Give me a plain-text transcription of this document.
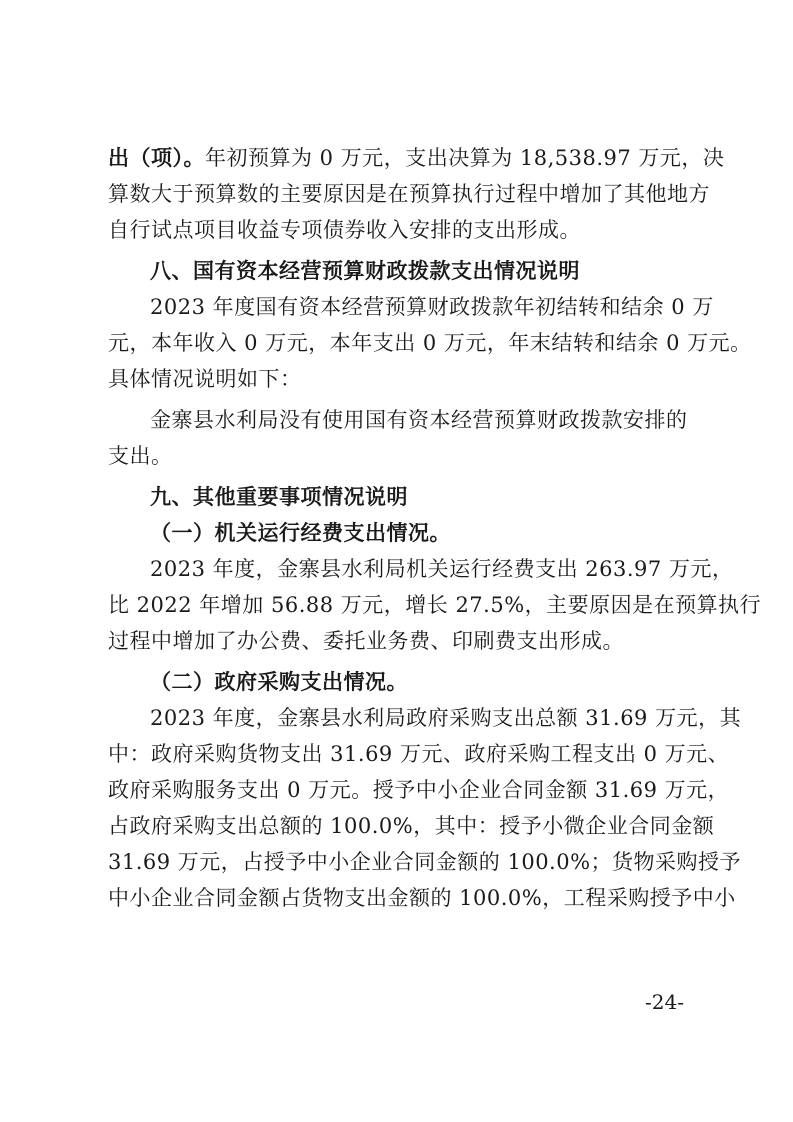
出（项）。年初预算为 0 万元，支出决算为 18,538.97 万元，决
算数大于预算数的主要原因是在预算执行过程中增加了其他地方
自行试点项目收益专项债券收入安排的支出形成。
八、国有资本经营预算财政拨款支出情况说明
2023 年度国有资本经营预算财政拨款年初结转和结余 0 万
元，本年收入 0 万元，本年支出 0 万元，年末结转和结余 0 万元。
具体情况说明如下：
金寨县水利局没有使用国有资本经营预算财政拨款安排的
支出。
九、其他重要事项情况说明
（一）机关运行经费支出情况。
2023 年度，金寨县水利局机关运行经费支出 263.97 万元，
比 2022 年增加 56.88 万元，增长 27.5%，主要原因是在预算执行
过程中增加了办公费、委托业务费、印刷费支出形成。
（二）政府采购支出情况。
2023 年度，金寨县水利局政府采购支出总额 31.69 万元，其
中：政府采购货物支出 31.69 万元、政府采购工程支出 0 万元、
政府采购服务支出 0 万元。授予中小企业合同金额 31.69 万元，
占政府采购支出总额的 100.0%，其中：授予小微企业合同金额
31.69 万元，占授予中小企业合同金额的 100.0%；货物采购授予
中小企业合同金额占货物支出金额的 100.0%，工程采购授予中小
-24-
